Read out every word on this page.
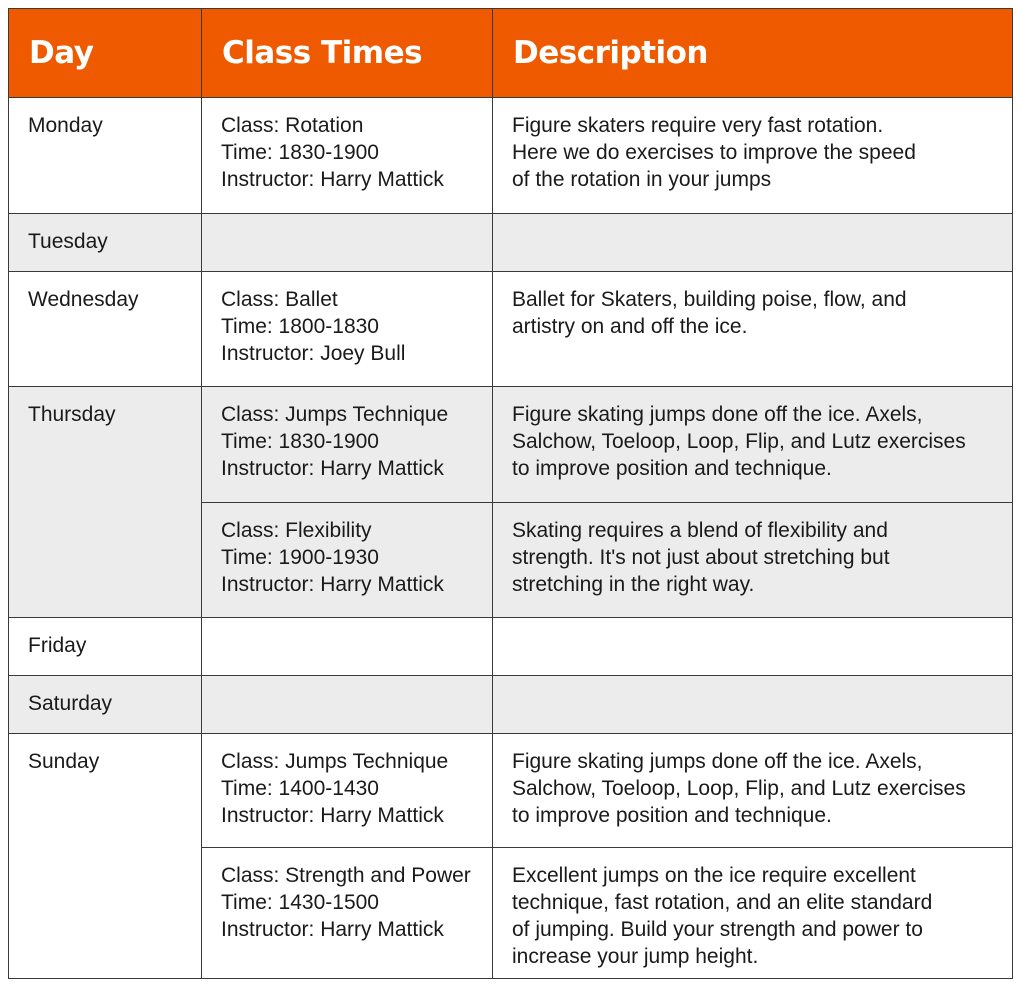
Day	Class Times	Description
Monday	Class: Rotation
Time: 1830-1900
Instructor: Harry Mattick	Figure skaters require very fast rotation.
Here we do exercises to improve the speed
of the rotation in your jumps

Tuesday		
Wednesday	Class: Ballet
Time: 1800-1830
Instructor: Joey Bull	Ballet for Skaters, building poise, flow, and
artistry on and off the ice.

Thursday	Class: Jumps Technique
Time: 1830-1900
Instructor: Harry Mattick	Figure skating jumps done off the ice. Axels,
Salchow, Toeloop, Loop, Flip, and Lutz exercises
to improve position and technique.

	Class: Flexibility
Time: 1900-1930
Instructor: Harry Mattick	Skating requires a blend of flexibility and
strength. It's not just about stretching but
stretching in the right way.

Friday		
Saturday		
Sunday	Class: Jumps Technique
Time: 1400-1430
Instructor: Harry Mattick	Figure skating jumps done off the ice. Axels,
Salchow, Toeloop, Loop, Flip, and Lutz exercises
to improve position and technique.

	Class: Strength and Power
Time: 1430-1500
Instructor: Harry Mattick	Excellent jumps on the ice require excellent
technique, fast rotation, and an elite standard
of jumping. Build your strength and power to
increase your jump height.
